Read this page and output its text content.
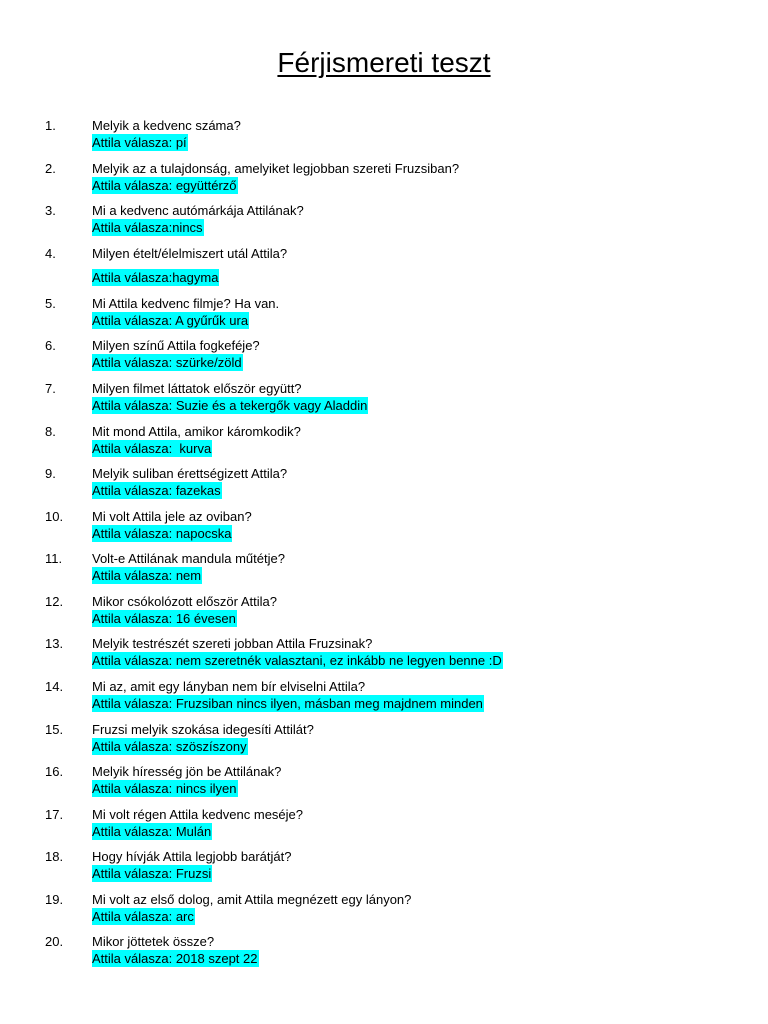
Férjismereti teszt
1.	Melyik a kedvenc száma?
Attila válasza: pí
2.	Melyik az a tulajdonság, amelyiket legjobban szereti Fruzsiban?
Attila válasza: együttérző
3.	Mi a kedvenc autómárkája Attilának?
Attila válasza:nincs
4.	Milyen ételt/élelmiszert utál Attila?
Attila válasza:hagyma
5.	Mi Attila kedvenc filmje? Ha van.
Attila válasza: A gyűrűk ura
6.	Milyen színű Attila fogkeféje?
Attila válasza: szürke/zöld
7.	Milyen filmet láttatok először együtt?
Attila válasza: Suzie és a tekergők vagy Aladdin
8.	Mit mond Attila, amikor káromkodik?
Attila válasza:  kurva
9.	Melyik suliban érettségizett Attila?
Attila válasza: fazekas
10. Mi volt Attila jele az oviban?
Attila válasza: napocska
11. Volt-e Attilának mandula műtétje?
Attila válasza: nem
12. Mikor csókolózott először Attila?
Attila válasza: 16 évesen
13. Melyik testrészét szereti jobban Attila Fruzsinak?
Attila válasza: nem szeretnék valasztani, ez inkább ne legyen benne :D
14. Mi az, amit egy lányban nem bír elviselni Attila?
Attila válasza: Fruzsiban nincs ilyen, másban meg majdnem minden
15. Fruzsi melyik szokása idegesíti Attilát?
Attila válasza: szöszíszony
16. Melyik híresség jön be Attilának?
Attila válasza: nincs ilyen
17. Mi volt régen Attila kedvenc meséje?
Attila válasza: Mulán
18. Hogy hívják Attila legjobb barátját?
Attila válasza: Fruzsi
19. Mi volt az első dolog, amit Attila megnézett egy lányon?
Attila válasza: arc
20. Mikor jöttetek össze?
Attila válasza: 2018 szept 22
